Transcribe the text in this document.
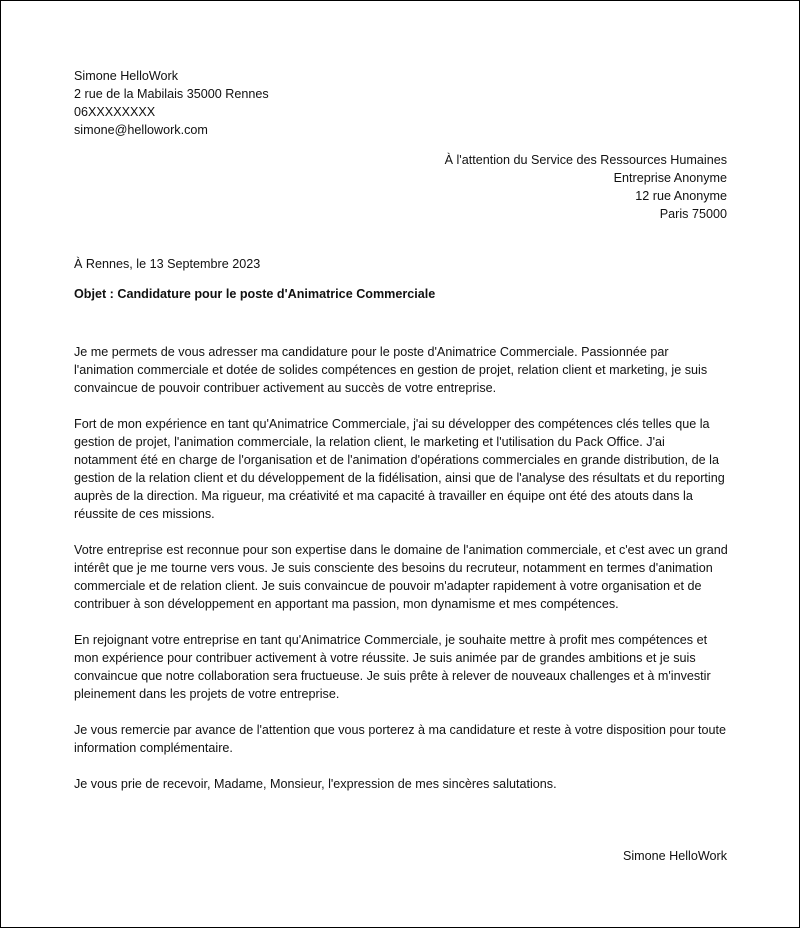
Simone HelloWork
2 rue de la Mabilais 35000 Rennes
06XXXXXXXX
simone@hellowork.com
À l'attention du Service des Ressources Humaines
Entreprise Anonyme
12 rue Anonyme
Paris 75000
À Rennes, le 13 Septembre 2023
Objet : Candidature pour le poste d'Animatrice Commerciale

Je me permets de vous adresser ma candidature pour le poste d'Animatrice Commerciale. Passionnée par l'animation commerciale et dotée de solides compétences en gestion de projet, relation client et marketing, je suis convaincue de pouvoir contribuer activement au succès de votre entreprise.

Fort de mon expérience en tant qu'Animatrice Commerciale, j'ai su développer des compétences clés telles que la gestion de projet, l'animation commerciale, la relation client, le marketing et l'utilisation du Pack Office. J'ai notamment été en charge de l'organisation et de l'animation d'opérations commerciales en grande distribution, de la gestion de la relation client et du développement de la fidélisation, ainsi que de l'analyse des résultats et du reporting auprès de la direction. Ma rigueur, ma créativité et ma capacité à travailler en équipe ont été des atouts dans la réussite de ces missions.

Votre entreprise est reconnue pour son expertise dans le domaine de l'animation commerciale, et c'est avec un grand intérêt que je me tourne vers vous. Je suis consciente des besoins du recruteur, notamment en termes d'animation commerciale et de relation client. Je suis convaincue de pouvoir m'adapter rapidement à votre organisation et de contribuer à son développement en apportant ma passion, mon dynamisme et mes compétences.

En rejoignant votre entreprise en tant qu'Animatrice Commerciale, je souhaite mettre à profit mes compétences et mon expérience pour contribuer activement à votre réussite. Je suis animée par de grandes ambitions et je suis convaincue que notre collaboration sera fructueuse. Je suis prête à relever de nouveaux challenges et à m'investir pleinement dans les projets de votre entreprise.

Je vous remercie par avance de l'attention que vous porterez à ma candidature et reste à votre disposition pour toute information complémentaire.

Je vous prie de recevoir, Madame, Monsieur, l'expression de mes sincères salutations.

Simone HelloWork
